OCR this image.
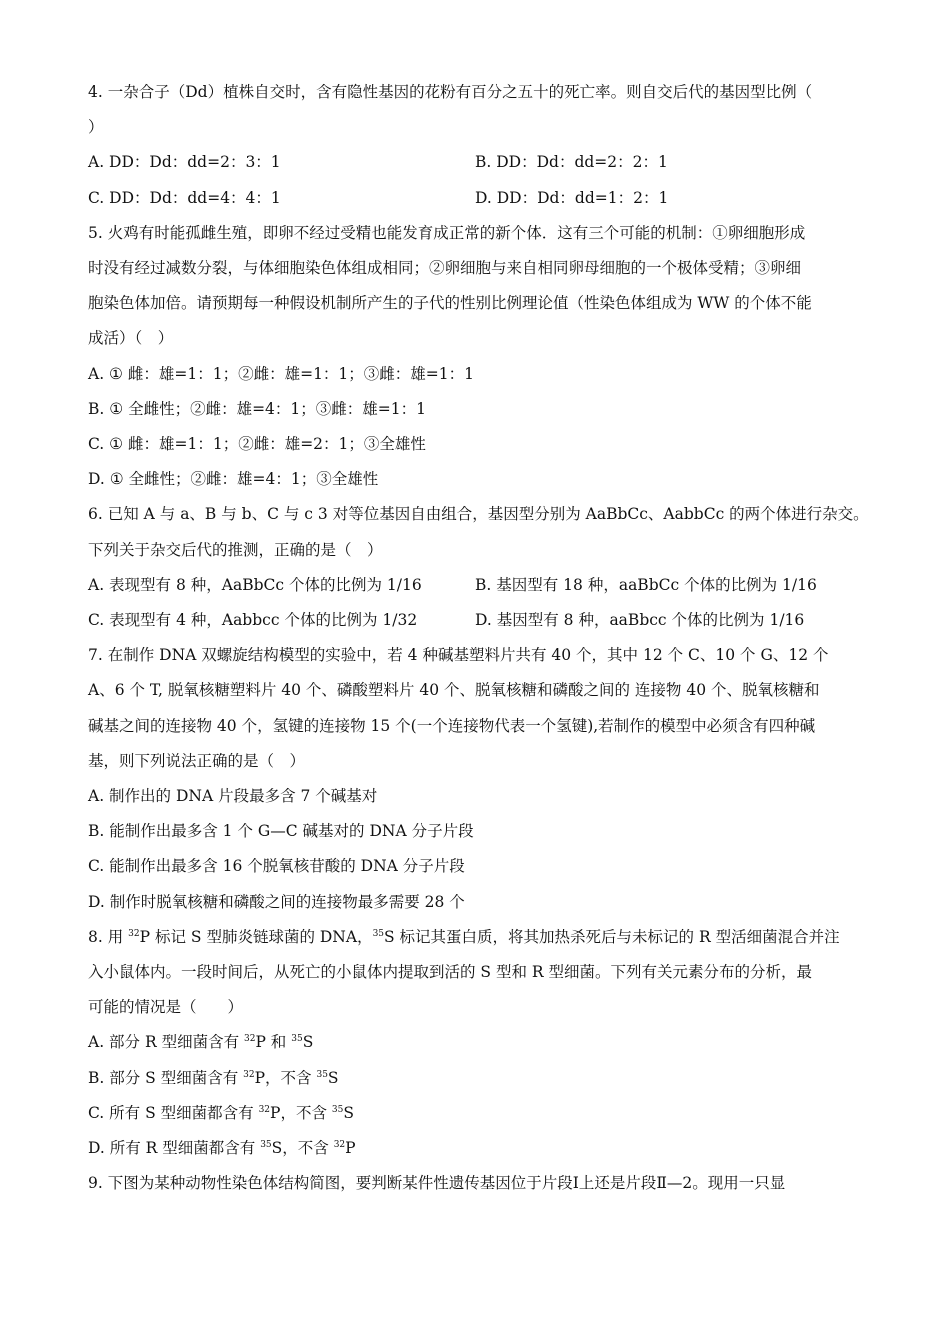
4. 一杂合子（Dd）植株自交时，含有隐性基因的花粉有百分之五十的死亡率。则自交后代的基因型比例（
）
A. DD：Dd：dd=2：3：1	B. DD：Dd：dd=2：2：1
C. DD：Dd：dd=4：4：1	D. DD：Dd：dd=1：2：1
5. 火鸡有时能孤雌生殖，即卵不经过受精也能发育成正常的新个体．这有三个可能的机制：①卵细胞形成
时没有经过减数分裂，与体细胞染色体组成相同；②卵细胞与来自相同卵母细胞的一个极体受精；③卵细
胞染色体加倍。请预期每一种假设机制所产生的子代的性别比例理论值（性染色体组成为 WW 的个体不能
成活）（　）
A. ① 雌：雄=1：1；②雌：雄=1：1；③雌：雄=1：1
B. ① 全雌性；②雌：雄=4：1；③雌：雄=1：1
C. ① 雌：雄=1：1；②雌：雄=2：1；③全雄性
D. ① 全雌性；②雌：雄=4：1；③全雄性
6. 已知 A 与 a、B 与 b、C 与 c 3 对等位基因自由组合，基因型分别为 AaBbCc、AabbCc 的两个体进行杂交。
下列关于杂交后代的推测，正确的是（　）
A. 表现型有 8 种，AaBbCc 个体的比例为 1/16	B. 基因型有 18 种，aaBbCc 个体的比例为 1/16
C. 表现型有 4 种，Aabbcc 个体的比例为 1/32	D. 基因型有 8 种，aaBbcc 个体的比例为 1/16
7. 在制作 DNA 双螺旋结构模型的实验中，若 4 种碱基塑料片共有 40 个，其中 12 个 C、10 个 G、12 个
A、6 个 T, 脱氧核糖塑料片 40 个、磷酸塑料片 40 个、脱氧核糖和磷酸之间的 连接物 40 个、脱氧核糖和
碱基之间的连接物 40 个，氢键的连接物 15 个(一个连接物代表一个氢键),若制作的模型中必须含有四种碱
基，则下列说法正确的是（　）
A. 制作出的 DNA 片段最多含 7 个碱基对
B. 能制作出最多含 1 个 G—C 碱基对的 DNA 分子片段
C. 能制作出最多含 16 个脱氧核苷酸的 DNA 分子片段
D. 制作时脱氧核糖和磷酸之间的连接物最多需要 28 个
8. 用 $^{32}$P 标记 S 型肺炎链球菌的 DNA，$^{35}$S 标记其蛋白质，将其加热杀死后与未标记的 R 型活细菌混合并注
入小鼠体内。一段时间后，从死亡的小鼠体内提取到活的 S 型和 R 型细菌。下列有关元素分布的分析，最
可能的情况是（　　）
A. 部分 R 型细菌含有 $^{32}$P 和 $^{35}$S
B. 部分 S 型细菌含有 $^{32}$P，不含 $^{35}$S
C. 所有 S 型细菌都含有 $^{32}$P，不含 $^{35}$S
D. 所有 R 型细菌都含有 $^{35}$S，不含 $^{32}$P
9. 下图为某种动物性染色体结构简图，要判断某件性遗传基因位于片段Ⅰ上还是片段Ⅱ—2。现用一只显
